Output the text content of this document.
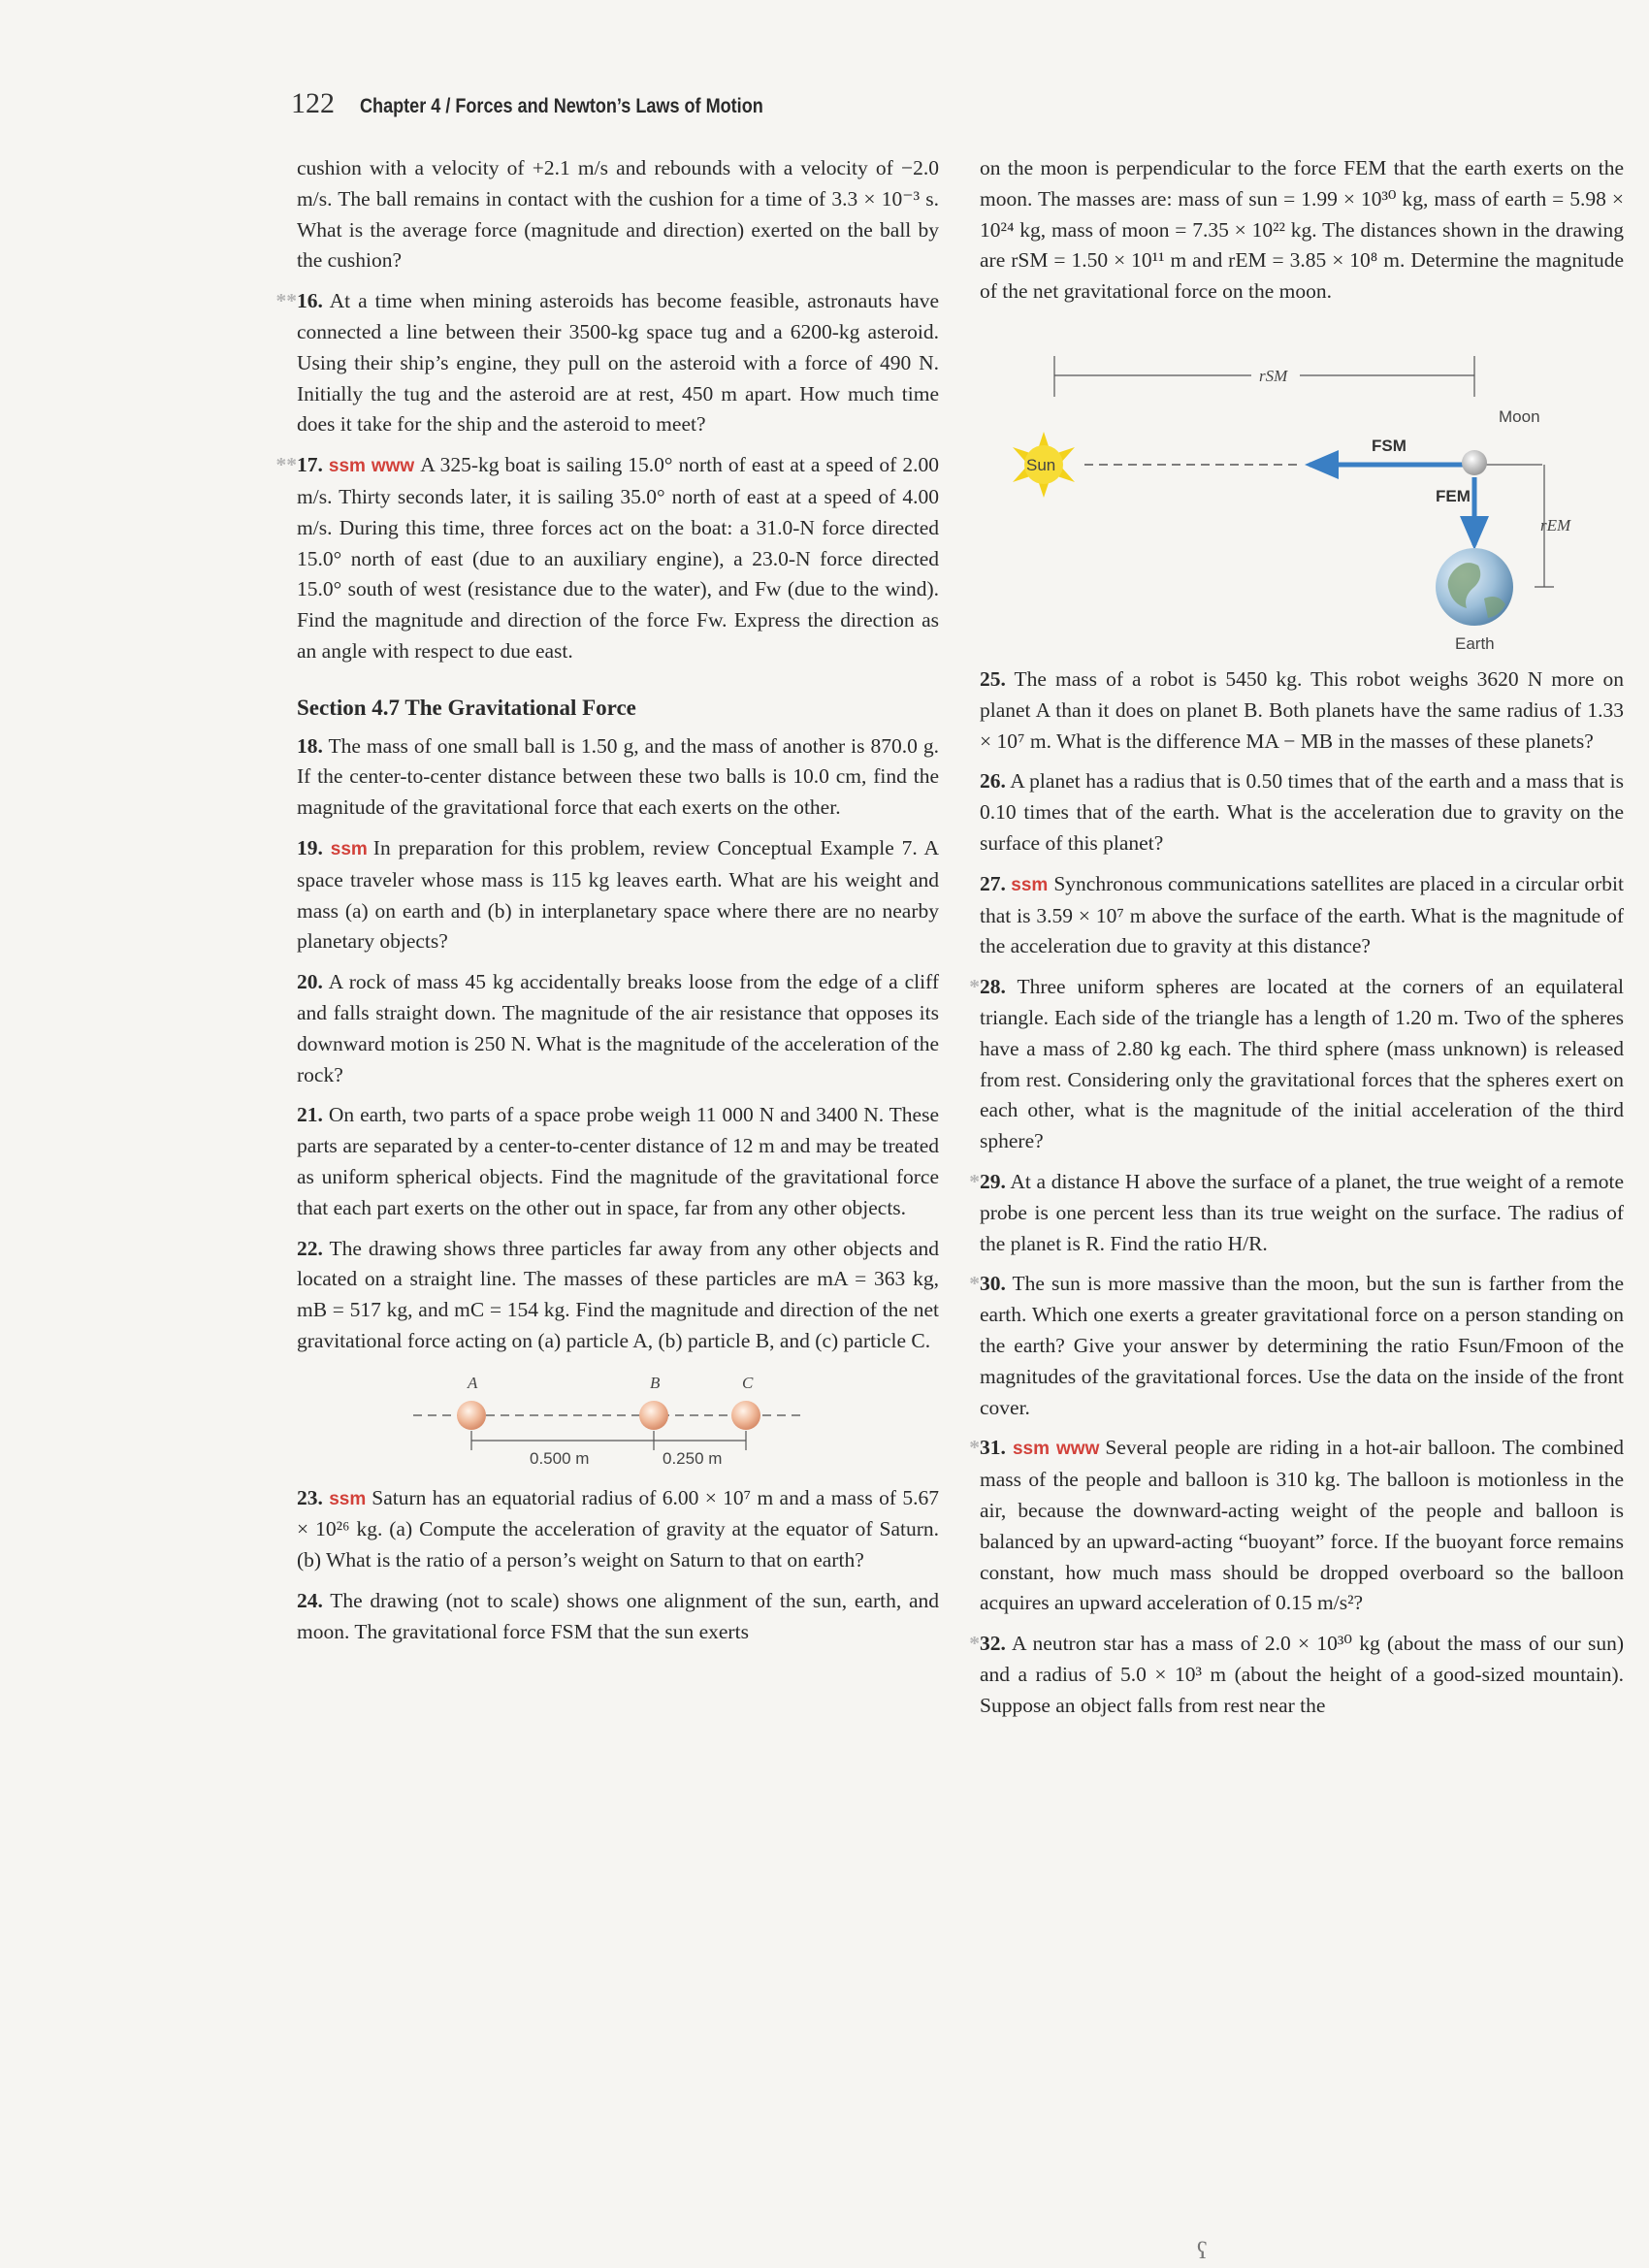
122 Chapter 4 / Forces and Newton’s Laws of Motion

cushion with a velocity of +2.1 m/s and rebounds with a velocity of −2.0 m/s. The ball remains in contact with the cushion for a time of 3.3 × 10⁻³ s. What is the average force (magnitude and direction) exerted on the ball by the cushion?

**16. At a time when mining asteroids has become feasible, astronauts have connected a line between their 3500-kg space tug and a 6200-kg asteroid. Using their ship’s engine, they pull on the asteroid with a force of 490 N. Initially the tug and the asteroid are at rest, 450 m apart. How much time does it take for the ship and the asteroid to meet?

**17. ssm www A 325-kg boat is sailing 15.0° north of east at a speed of 2.00 m/s. Thirty seconds later, it is sailing 35.0° north of east at a speed of 4.00 m/s. During this time, three forces act on the boat: a 31.0-N force directed 15.0° north of east (due to an auxiliary engine), a 23.0-N force directed 15.0° south of west (resistance due to the water), and Fw (due to the wind). Find the magnitude and direction of the force Fw. Express the direction as an angle with respect to due east.

Section 4.7 The Gravitational Force

18. The mass of one small ball is 1.50 g, and the mass of another is 870.0 g. If the center-to-center distance between these two balls is 10.0 cm, find the magnitude of the gravitational force that each exerts on the other.

19. ssm In preparation for this problem, review Conceptual Example 7. A space traveler whose mass is 115 kg leaves earth. What are his weight and mass (a) on earth and (b) in interplanetary space where there are no nearby planetary objects?

20. A rock of mass 45 kg accidentally breaks loose from the edge of a cliff and falls straight down. The magnitude of the air resistance that opposes its downward motion is 250 N. What is the magnitude of the acceleration of the rock?

21. On earth, two parts of a space probe weigh 11 000 N and 3400 N. These parts are separated by a center-to-center distance of 12 m and may be treated as uniform spherical objects. Find the magnitude of the gravitational force that each part exerts on the other out in space, far from any other objects.

22. The drawing shows three particles far away from any other objects and located on a straight line. The masses of these particles are mA = 363 kg, mB = 517 kg, and mC = 154 kg. Find the magnitude and direction of the net gravitational force acting on (a) particle A, (b) particle B, and (c) particle C.

A	B	C
0.500 m	0.250 m

23. ssm Saturn has an equatorial radius of 6.00 × 10⁷ m and a mass of 5.67 × 10²⁶ kg. (a) Compute the acceleration of gravity at the equator of Saturn. (b) What is the ratio of a person’s weight on Saturn to that on earth?

24. The drawing (not to scale) shows one alignment of the sun, earth, and moon. The gravitational force FSM that the sun exerts

on the moon is perpendicular to the force FEM that the earth exerts on the moon. The masses are: mass of sun = 1.99 × 10³⁰ kg, mass of earth = 5.98 × 10²⁴ kg, mass of moon = 7.35 × 10²² kg. The distances shown in the drawing are rSM = 1.50 × 10¹¹ m and rEM = 3.85 × 10⁸ m. Determine the magnitude of the net gravitational force on the moon.

rSM
Sun
FSM
Moon
FEM
Earth
rEM

25. The mass of a robot is 5450 kg. This robot weighs 3620 N more on planet A than it does on planet B. Both planets have the same radius of 1.33 × 10⁷ m. What is the difference MA − MB in the masses of these planets?

26. A planet has a radius that is 0.50 times that of the earth and a mass that is 0.10 times that of the earth. What is the acceleration due to gravity on the surface of this planet?

27. ssm Synchronous communications satellites are placed in a circular orbit that is 3.59 × 10⁷ m above the surface of the earth. What is the magnitude of the acceleration due to gravity at this distance?

*28. Three uniform spheres are located at the corners of an equilateral triangle. Each side of the triangle has a length of 1.20 m. Two of the spheres have a mass of 2.80 kg each. The third sphere (mass unknown) is released from rest. Considering only the gravitational forces that the spheres exert on each other, what is the magnitude of the initial acceleration of the third sphere?

*29. At a distance H above the surface of a planet, the true weight of a remote probe is one percent less than its true weight on the surface. The radius of the planet is R. Find the ratio H/R.

*30. The sun is more massive than the moon, but the sun is farther from the earth. Which one exerts a greater gravitational force on a person standing on the earth? Give your answer by determining the ratio Fsun/Fmoon of the magnitudes of the gravitational forces. Use the data on the inside of the front cover.

*31. ssm www Several people are riding in a hot-air balloon. The combined mass of the people and balloon is 310 kg. The balloon is motionless in the air, because the downward-acting weight of the people and balloon is balanced by an upward-acting “buoyant” force. If the buoyant force remains constant, how much mass should be dropped overboard so the balloon acquires an upward acceleration of 0.15 m/s²?

*32. A neutron star has a mass of 2.0 × 10³⁰ kg (about the mass of our sun) and a radius of 5.0 × 10³ m (about the height of a good-sized mountain). Suppose an object falls from rest near the

ʕ
